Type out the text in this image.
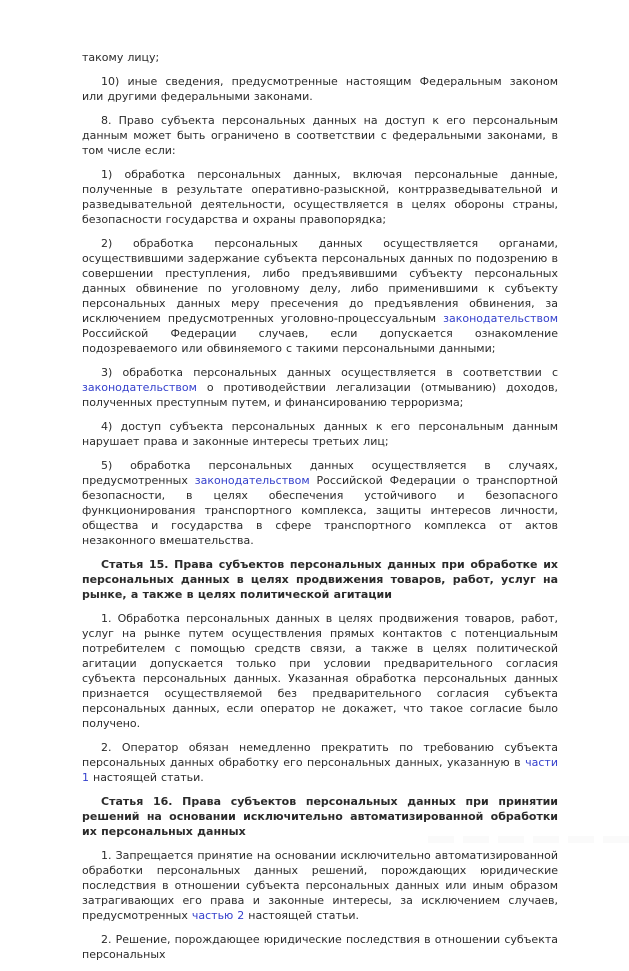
такому лицу;

10) иные сведения, предусмотренные настоящим Федеральным законом или другими федеральными законами.

8. Право субъекта персональных данных на доступ к его персональным данным может быть ограничено в соответствии с федеральными законами, в том числе если:

1) обработка персональных данных, включая персональные данные, полученные в результате оперативно-разыскной, контрразведывательной и разведывательной деятельности, осуществляется в целях обороны страны, безопасности государства и охраны правопорядка;

2) обработка персональных данных осуществляется органами, осуществившими задержание субъекта персональных данных по подозрению в совершении преступления, либо предъявившими субъекту персональных данных обвинение по уголовному делу, либо применившими к субъекту персональных данных меру пресечения до предъявления обвинения, за исключением предусмотренных уголовно-процессуальным законодательством Российской Федерации случаев, если допускается ознакомление подозреваемого или обвиняемого с такими персональными данными;

3) обработка персональных данных осуществляется в соответствии с законодательством о противодействии легализации (отмыванию) доходов, полученных преступным путем, и финансированию терроризма;

4) доступ субъекта персональных данных к его персональным данным нарушает права и законные интересы третьих лиц;

5) обработка персональных данных осуществляется в случаях, предусмотренных законодательством Российской Федерации о транспортной безопасности, в целях обеспечения устойчивого и безопасного функционирования транспортного комплекса, защиты интересов личности, общества и государства в сфере транспортного комплекса от актов незаконного вмешательства.

Статья 15. Права субъектов персональных данных при обработке их персональных данных в целях продвижения товаров, работ, услуг на рынке, а также в целях политической агитации

1. Обработка персональных данных в целях продвижения товаров, работ, услуг на рынке путем осуществления прямых контактов с потенциальным потребителем с помощью средств связи, а также в целях политической агитации допускается только при условии предварительного согласия субъекта персональных данных. Указанная обработка персональных данных признается осуществляемой без предварительного согласия субъекта персональных данных, если оператор не докажет, что такое согласие было получено.

2. Оператор обязан немедленно прекратить по требованию субъекта персональных данных обработку его персональных данных, указанную в части 1 настоящей статьи.

Статья 16. Права субъектов персональных данных при принятии решений на основании исключительно автоматизированной обработки их персональных данных

1. Запрещается принятие на основании исключительно автоматизированной обработки персональных данных решений, порождающих юридические последствия в отношении субъекта персональных данных или иным образом затрагивающих его права и законные интересы, за исключением случаев, предусмотренных частью 2 настоящей статьи.

2. Решение, порождающее юридические последствия в отношении субъекта персональных
